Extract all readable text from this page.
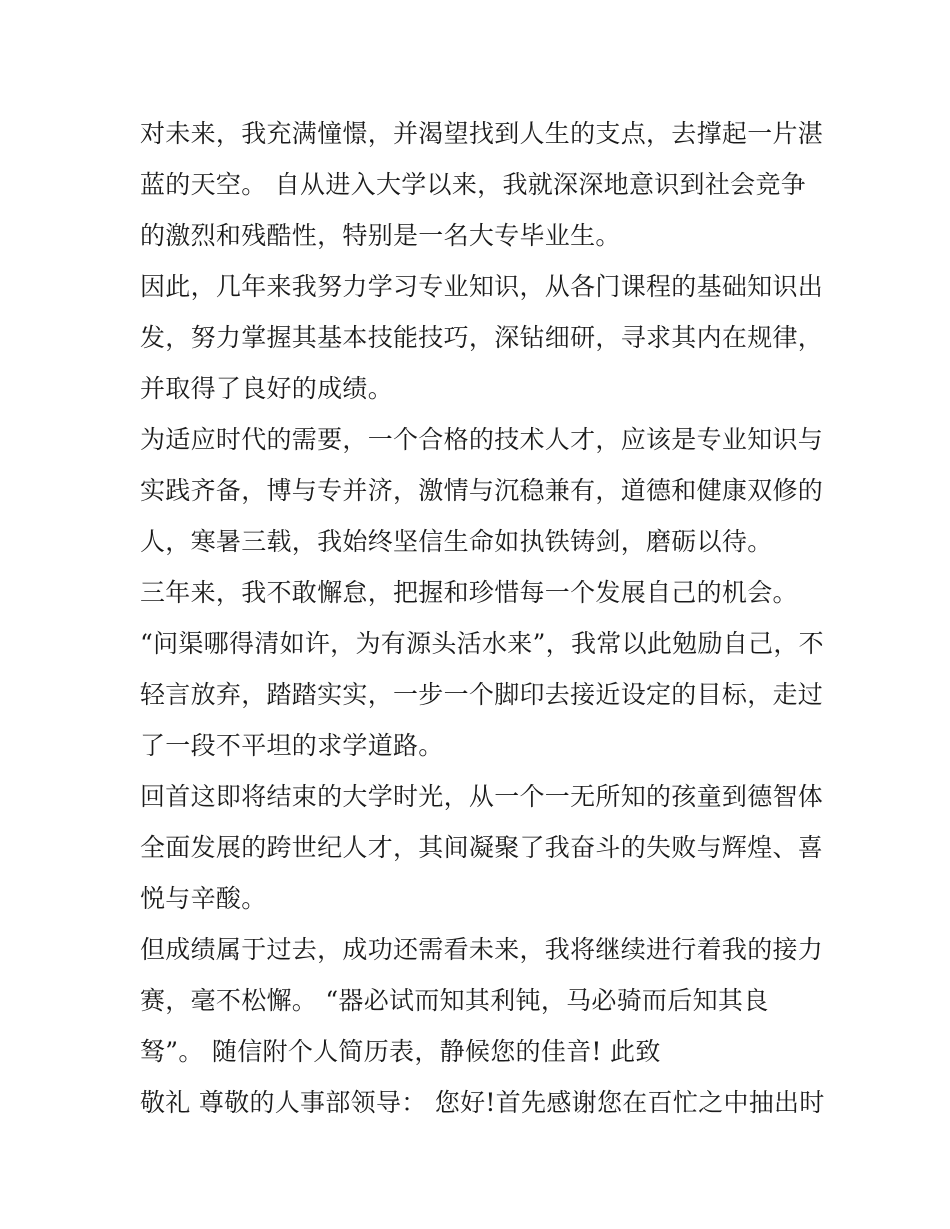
对未来，我充满憧憬，并渴望找到人生的支点，去撑起一片湛
蓝的天空。 自从进入大学以来，我就深深地意识到社会竞争
的激烈和残酷性，特别是一名大专毕业生。
因此，几年来我努力学习专业知识，从各门课程的基础知识出
发，努力掌握其基本技能技巧，深钻细研，寻求其内在规律，
并取得了良好的成绩。
为适应时代的需要，一个合格的技术人才，应该是专业知识与
实践齐备，博与专并济，激情与沉稳兼有，道德和健康双修的
人，寒暑三载，我始终坚信生命如执铁铸剑，磨砺以待。
三年来，我不敢懈怠，把握和珍惜每一个发展自己的机会。
“问渠哪得清如许，为有源头活水来”，我常以此勉励自己，不
轻言放弃，踏踏实实，一步一个脚印去接近设定的目标，走过
了一段不平坦的求学道路。
回首这即将结束的大学时光，从一个一无所知的孩童到德智体
全面发展的跨世纪人才，其间凝聚了我奋斗的失败与辉煌、喜
悦与辛酸。
但成绩属于过去，成功还需看未来，我将继续进行着我的接力
赛，毫不松懈。 “器必试而知其利钝，马必骑而后知其良
驽”。 随信附个人简历表，静候您的佳音! 此致
敬礼 尊敬的人事部领导： 您好!首先感谢您在百忙之中抽出时
